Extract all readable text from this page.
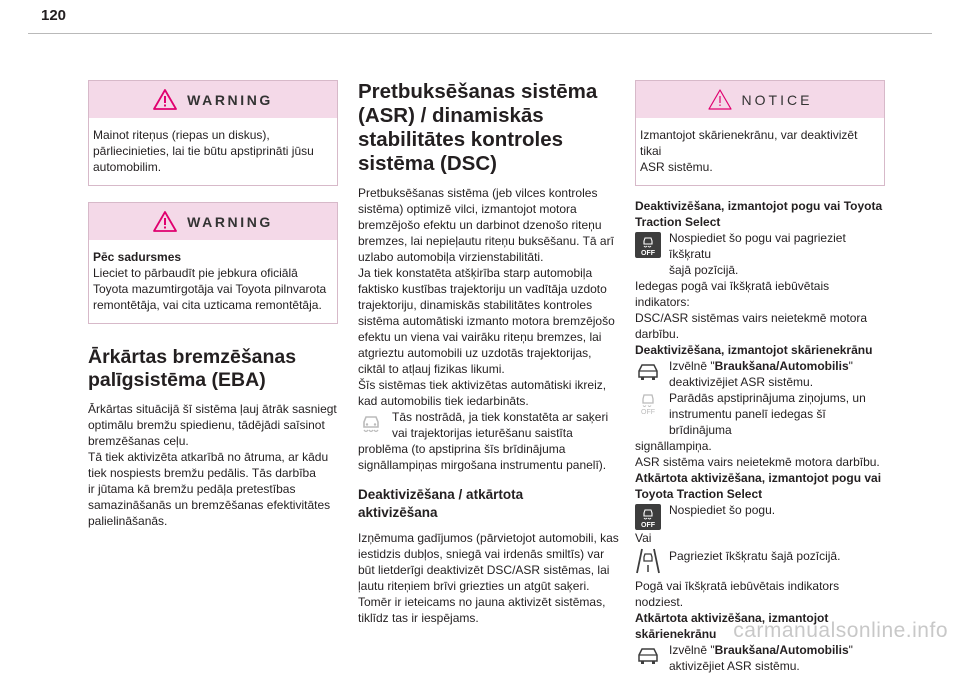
120
WARNING

Mainot riteņus (riepas un diskus),

pārliecinieties, lai tie būtu apstiprināti jūsu

automobilim.

WARNING

Pēc sadursmes

Lieciet to pārbaudīt pie jebkura oficiālā

Toyota mazumtirgotāja vai Toyota pilnvarota

remontētāja, vai cita uzticama remontētāja.

Ārkārtas bremzēšanas
palīgsistēma (EBA)

Ārkārtas situācijā šī sistēma ļauj ātrāk sasniegt

optimālu bremžu spiedienu, tādējādi saīsinot

bremzēšanas ceļu.

Tā tiek aktivizēta atkarībā no ātruma, ar kādu

tiek nospiests bremžu pedālis. Tās darbība

ir jūtama kā bremžu pedāļa pretestības

samazināšanās un bremzēšanas efektivitātes

palielināšanās.

Pretbuksēšanas sistēma
(ASR) / dinamiskās
stabilitātes kontroles
sistēma (DSC)

Pretbuksēšanas sistēma (jeb vilces kontroles

sistēma) optimizē vilci, izmantojot motora

bremzējošo efektu un darbinot dzenošo riteņu

bremzes, lai nepieļautu riteņu buksēšanu. Tā arī

uzlabo automobiļa virzienstabilitāti.

Ja tiek konstatēta atšķirība starp automobiļa

faktisko kustības trajektoriju un vadītāja uzdoto

trajektoriju, dinamiskās stabilitātes kontroles

sistēma automātiski izmanto motora bremzējošo

efektu un viena vai vairāku riteņu bremzes, lai

atgrieztu automobili uz uzdotās trajektorijas,

ciktāl to atļauj fizikas likumi.

Šīs sistēmas tiek aktivizētas automātiski ikreiz,

kad automobilis tiek iedarbināts.

Tās nostrādā, ja tiek konstatēta ar saķeri

vai trajektorijas ieturēšanu saistīta

problēma (to apstiprina šīs brīdinājuma

signāllampiņas mirgošana instrumentu panelī).

Deaktivizēšana / atkārtota
aktivizēšana

Izņēmuma gadījumos (pārvietojot automobili, kas

iestidzis dubļos, sniegā vai irdenās smiltīs) var

būt lietderīgi deaktivizēt DSC/ASR sistēmas, lai

ļautu riteņiem brīvi griezties un atgūt saķeri.

Tomēr ir ieteicams no jauna aktivizēt sistēmas,

tiklīdz tas ir iespējams.

NOTICE

Izmantojot skārienekrānu, var deaktivizēt tikai

ASR sistēmu.

Deaktivizēšana, izmantojot pogu vai Toyota

Traction Select

OFF

Nospiediet šo pogu vai pagrieziet īkšķratu

šajā pozīcijā.

Iedegas pogā vai īkšķratā iebūvētais indikators:

DSC/ASR sistēmas vairs neietekmē motora

darbību.

Deaktivizēšana, izmantojot skārienekrānu

Izvēlnē "Braukšana/Automobilis"

deaktivizējiet ASR sistēmu.

OFF

Parādās apstiprinājuma ziņojums, un

instrumentu panelī iedegas šī brīdinājuma

signāllampiņa.

ASR sistēma vairs neietekmē motora darbību.

Atkārtota aktivizēšana, izmantojot pogu vai

Toyota Traction Select

OFF

Nospiediet šo pogu.

Vai

Pagrieziet īkšķratu šajā pozīcijā.

Pogā vai īkšķratā iebūvētais indikators nodziest.

Atkārtota aktivizēšana, izmantojot

skārienekrānu

Izvēlnē "Braukšana/Automobilis"

aktivizējiet ASR sistēmu.

carmanualsonline.info
